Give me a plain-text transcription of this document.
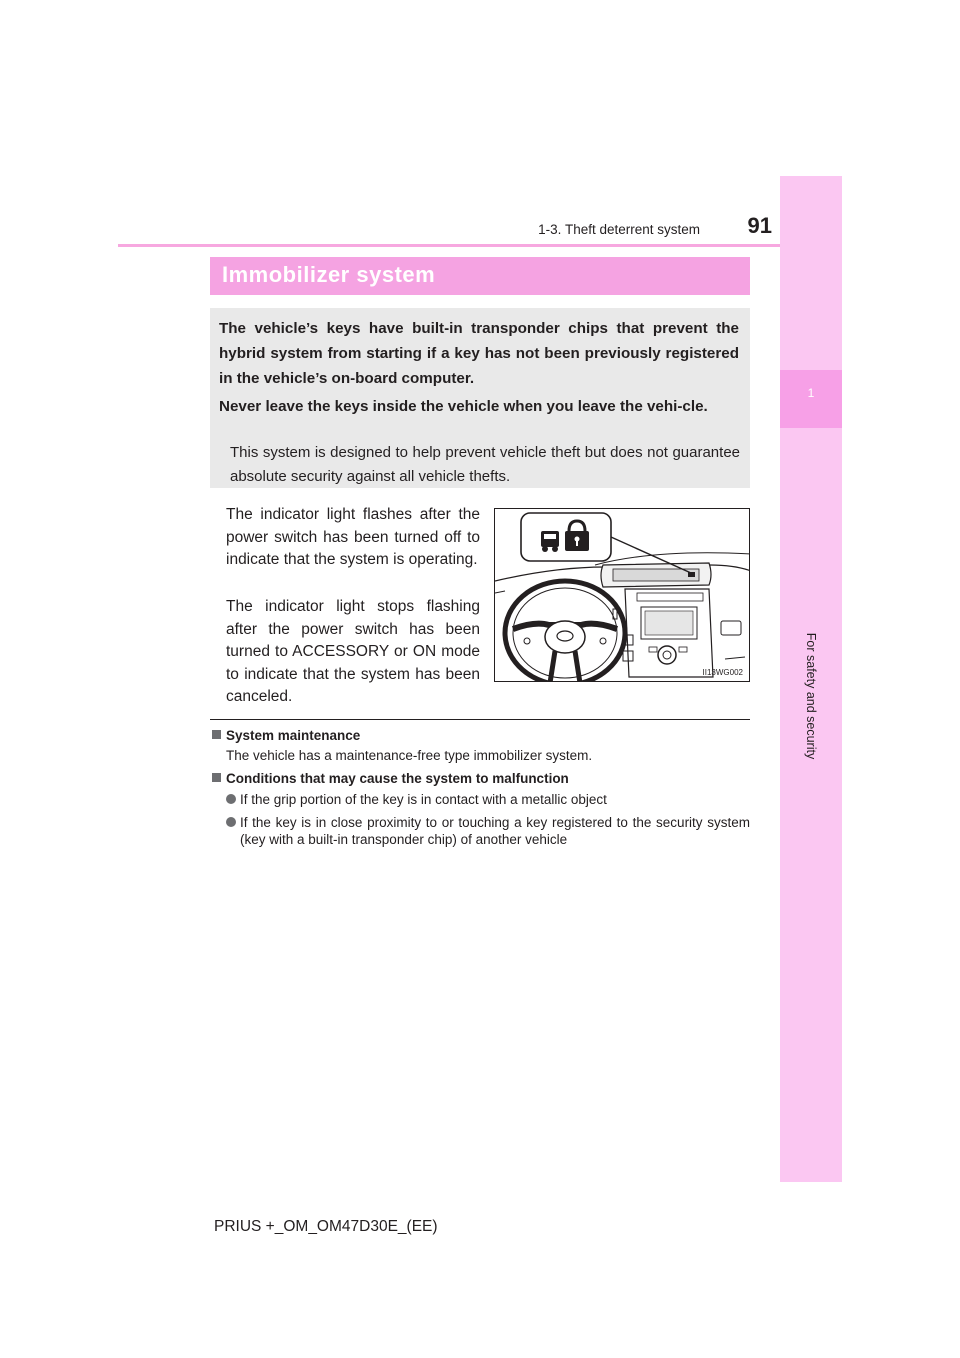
1-3. Theft deterrent system	91
1
For safety and security
Immobilizer system

The vehicle’s keys have built-in transponder chips that prevent the hybrid system from starting if a key has not been previously registered in the vehicle’s on-board computer.

Never leave the keys inside the vehicle when you leave the vehi-cle.

This system is designed to help prevent vehicle theft but does not guarantee absolute security against all vehicle thefts.

The indicator light flashes after the power switch has been turned off to indicate that the system is operating.

The indicator light stops flashing after the power switch has been turned to ACCESSORY or ON mode to indicate that the system has been canceled.

II13WG002
System maintenance

The vehicle has a maintenance-free type immobilizer system.

Conditions that may cause the system to malfunction
If the grip portion of the key is in contact with a metallic object
If the key is in close proximity to or touching a key registered to the security system (key with a built-in transponder chip) of another vehicle
PRIUS +_OM_OM47D30E_(EE)
